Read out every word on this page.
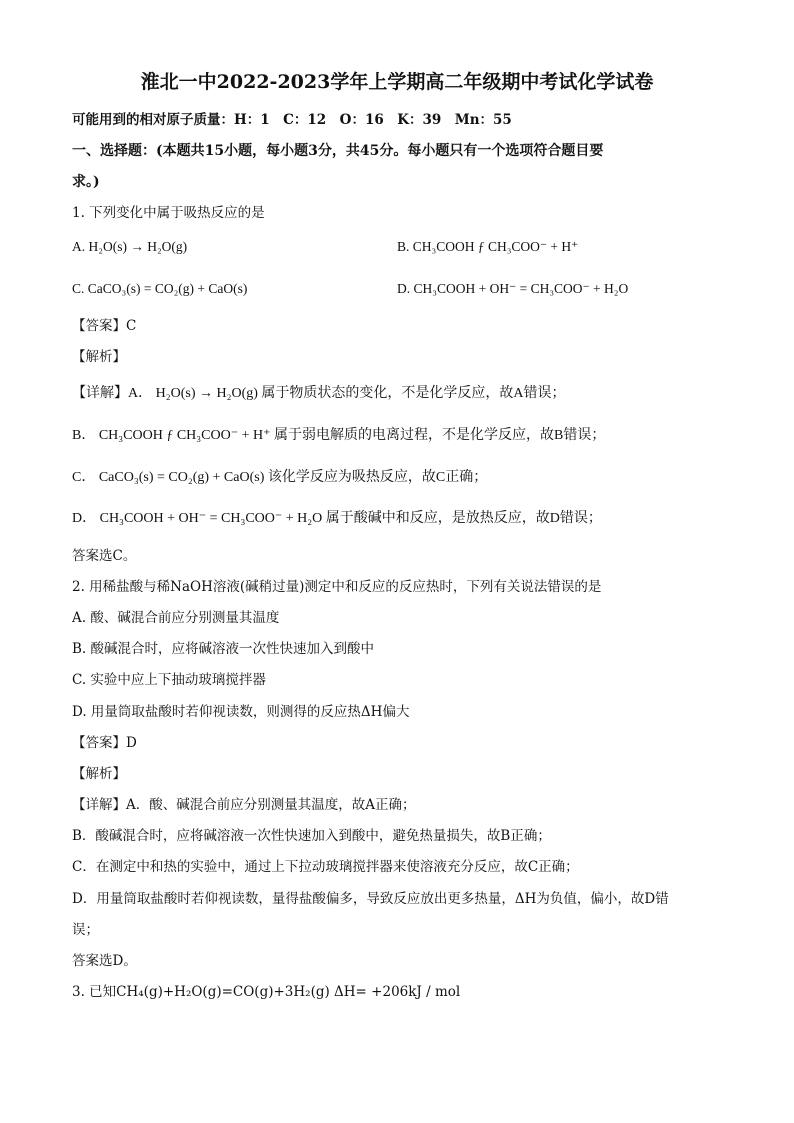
淮北一中2022-2023学年上学期高二年级期中考试化学试卷
可能用到的相对原子质量：H：1　C：12　O：16　K：39　Mn：55
一、选择题：(本题共15小题，每小题3分，共45分。每小题只有一个选项符合题目要
求。)
1. 下列变化中属于吸热反应的是
A. H₂O(s) → H₂O(g)	B. CH₃COOH ƒ CH₃COO⁻ + H⁺
C. CaCO₃(s) = CO₂(g) + CaO(s)	D. CH₃COOH + OH⁻ = CH₃COO⁻ + H₂O
【答案】C
【解析】
【详解】A． H₂O(s) → H₂O(g) 属于物质状态的变化，不是化学反应，故A错误；
B． CH₃COOH ƒ CH₃COO⁻ + H⁺ 属于弱电解质的电离过程，不是化学反应，故B错误；
C． CaCO₃(s) = CO₂(g) + CaO(s) 该化学反应为吸热反应，故C正确；
D． CH₃COOH + OH⁻ = CH₃COO⁻ + H₂O 属于酸碱中和反应，是放热反应，故D错误；
答案选C。
2. 用稀盐酸与稀NaOH溶液(碱稍过量)测定中和反应的反应热时，下列有关说法错误的是
A. 酸、碱混合前应分别测量其温度
B. 酸碱混合时，应将碱溶液一次性快速加入到酸中
C. 实验中应上下抽动玻璃搅拌器
D. 用量筒取盐酸时若仰视读数，则测得的反应热ΔH偏大
【答案】D
【解析】
【详解】A．酸、碱混合前应分别测量其温度，故A正确；
B．酸碱混合时，应将碱溶液一次性快速加入到酸中，避免热量损失，故B正确；
C．在测定中和热的实验中，通过上下拉动玻璃搅拌器来使溶液充分反应，故C正确；
D．用量筒取盐酸时若仰视读数，量得盐酸偏多，导致反应放出更多热量，ΔH为负值，偏小，故D错
误；
答案选D。
3. 已知CH₄(g)+H₂O(g)=CO(g)+3H₂(g) ΔH= +206kJ / mol
